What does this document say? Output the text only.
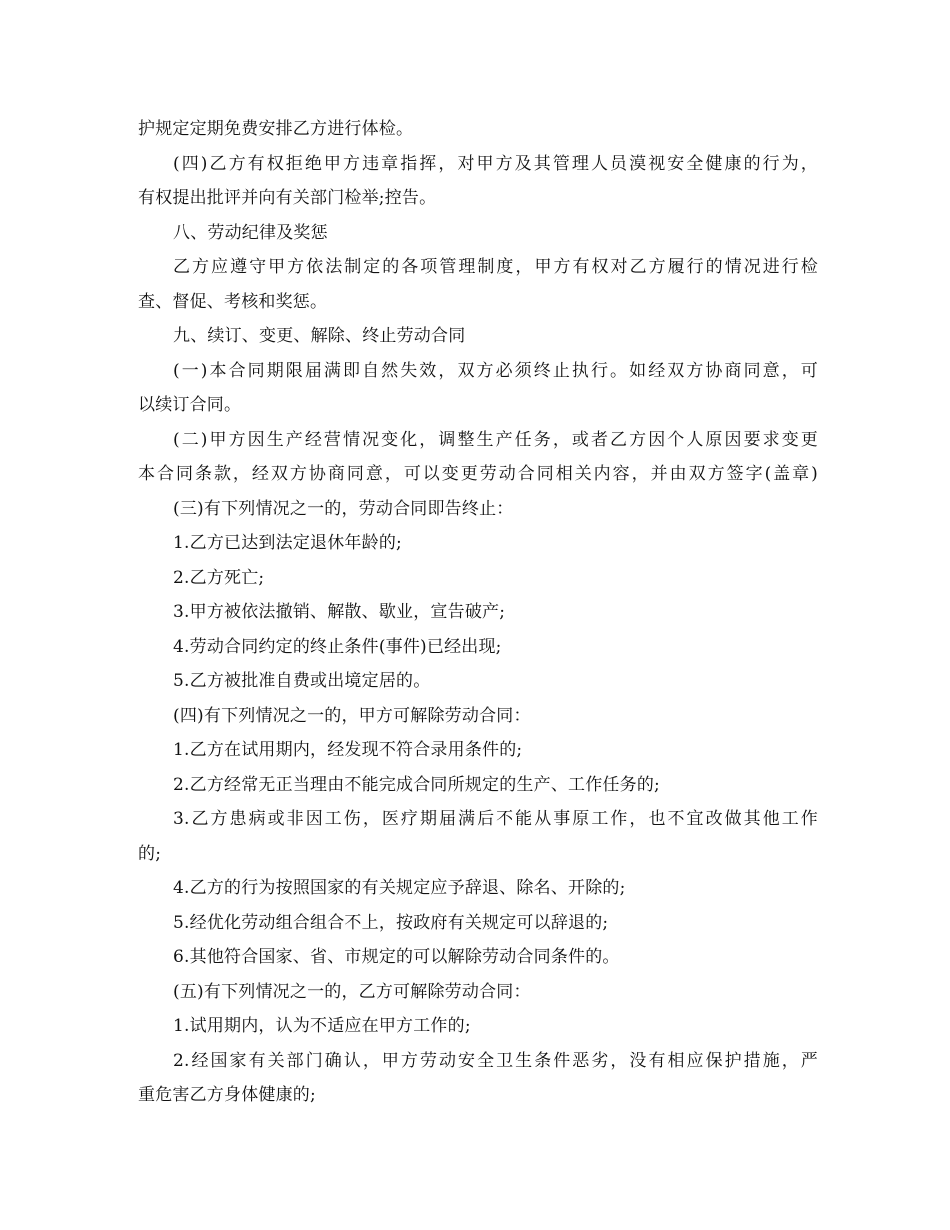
护规定定期免费安排乙方进行体检。
(四)乙方有权拒绝甲方违章指挥，对甲方及其管理人员漠视安全健康的行为，
有权提出批评并向有关部门检举;控告。
八、劳动纪律及奖惩
乙方应遵守甲方依法制定的各项管理制度，甲方有权对乙方履行的情况进行检
查、督促、考核和奖惩。
九、续订、变更、解除、终止劳动合同
(一)本合同期限届满即自然失效，双方必须终止执行。如经双方协商同意，可
以续订合同。
(二)甲方因生产经营情况变化，调整生产任务，或者乙方因个人原因要求变更
本合同条款，经双方协商同意，可以变更劳动合同相关内容，并由双方签字(盖章)
(三)有下列情况之一的，劳动合同即告终止：
1.乙方已达到法定退休年龄的;
2.乙方死亡;
3.甲方被依法撤销、解散、歇业，宣告破产;
4.劳动合同约定的终止条件(事件)已经出现;
5.乙方被批准自费或出境定居的。
(四)有下列情况之一的，甲方可解除劳动合同：
1.乙方在试用期内，经发现不符合录用条件的;
2.乙方经常无正当理由不能完成合同所规定的生产、工作任务的;
3.乙方患病或非因工伤，医疗期届满后不能从事原工作，也不宜改做其他工作
的;
4.乙方的行为按照国家的有关规定应予辞退、除名、开除的;
5.经优化劳动组合组合不上，按政府有关规定可以辞退的;
6.其他符合国家、省、市规定的可以解除劳动合同条件的。
(五)有下列情况之一的，乙方可解除劳动合同：
1.试用期内，认为不适应在甲方工作的;
2.经国家有关部门确认，甲方劳动安全卫生条件恶劣，没有相应保护措施，严
重危害乙方身体健康的;
